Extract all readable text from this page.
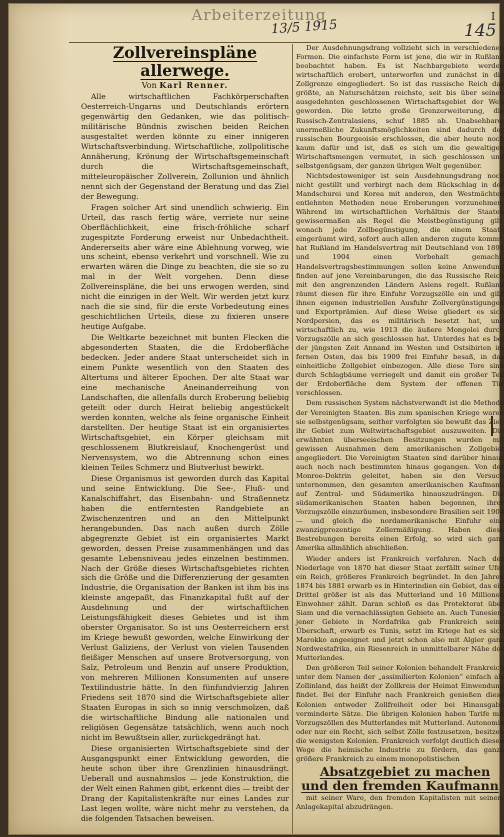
Arbeiterzeitung
13/5 1915	145
I

Zollvereinspläne allerwege.

Von Karl Renner.

Alle wirtschaftlichen Fachkörperschaften Oesterreich-Ungarns und Deutschlands erörtern gegenwärtig den Gedanken, wie das politisch-militärische Bündnis zwischen beiden Reichen ausgestaltet werden könnte zu einer innigeren Wirtschaftsverbindung. Wirtschaftliche, zollpolitische Annäherung, Krönung der Wirtschaftsgemeinschaft durch die Wirtschaftsgemeinschaft, mitteleuropäischer Zollverein, Zollunion und ähnlich nennt sich der Gegenstand der Beratung und das Ziel der Bewegung.

Fragen solcher Art sind unendlich schwierig. Ein Urteil, das rasch fertig wäre, verriete nur seine Oberflächlichkeit, eine frisch-fröhliche scharf zugespitzte Forderung erweist nur Unbedachtheit. Andererseits aber wäre eine Ablehnung vorweg, wie uns scheint, ebenso verkehrt und vorschnell. Wie zu erwarten wären die Dinge zu beachten, die sie so zu mal in der Welt vorgehen. Denn diese Zollvereinspläne, die bei uns erwogen werden, sind nicht die einzigen in der Welt. Wir werden jetzt kurz nach die sie sind, für die erste Vorbedeutung eines geschichtlichen Urteils, diese zu fixieren unsere heutige Aufgabe.

Die Weltkarte bezeichnet mit bunten Flecken die abgesonderten Staaten, die die Erdoberfläche bedecken. Jeder andere Staat unterscheidet sich in einem Punkte wesentlich von den Staaten des Altertums und älterer Epochen. Der alte Staat war eine mechanische Aneinanderreihung von Landschaften, die allenfalls durch Eroberung beliebig geteilt oder durch Heirat beliebig angestückelt werden konnten, welche als feine organische Einheit darstellten. Der heutige Staat ist ein organisiertes Wirtschaftsgebiet, ein Körper gleichsam mit geschlossenem Blutkreislauf, Knochengerüst und Nervensystem, wo die Abtrennung schon eines kleinen Teiles Schmerz und Blutverlust bewirkt.

Diese Organismus ist geworden durch das Kapital und seine Entwicklung. Die See-, Fluß- und Kanalschiffahrt, das Eisenbahn- und Straßennetz haben die entferntesten Randgebiete an Zwischenzentren und an den Mittelpunkt herangebunden. Das nach außen durch Zölle abgegrenzte Gebiet ist ein organisiertes Markt geworden, dessen Preise zusammenhängen und das gesamte Lebensniveau jedes einzelnen bestimmen. Nach der Größe dieses Wirtschaftsgebietes richten sich die Größe und die Differenzierung der gesamten Industrie, die Organisation der Banken ist ihm bis ins kleinste angepaßt, das Finanzkapital fußt auf der Ausdehnung und der wirtschaftlichen Leistungsfähigkeit dieses Gebietes und ist ihm oberster Organisator. So ist uns Oesterreichern erst im Kriege bewußt geworden, welche Einwirkung der Verlust Galiziens, der Verlust von vielen Tausenden fleißiger Menschen auf unsere Brotversorgung, von Salz, Petroleum und Benzin auf unsere Produktion, von mehreren Millionen Konsumenten auf unsere Textilindustrie hätte. In den fünfundvierzig Jahren Friedens seit 1870 sind die Wirtschaftsgebiete aller Staaten Europas in sich so innig verschmolzen, daß die wirtschaftliche Bindung alle nationalen und religiösen Gegensätze tatsächlich, wenn auch noch nicht im Bewußtsein aller, zurückgedrängt hat.

Diese organisierten Wirtschaftsgebiete sind der Ausgangspunkt einer Entwicklung geworden, die heute schon über ihre Grenzlinien hinausdrängt. Ueberall und ausnahmslos — jede Konstruktion, die der Welt einen Rahmen gibt, erkennt dies — treibt der Drang der Kapitalistenkräfte nur eines Landes zur Last legen wollte, wäre nicht mehr zu verstehen, da die folgenden Tatsachen beweisen.

Der Ausdehnungsdrang vollzieht sich in verschiedenen Formen. Die einfachste Form ist jene, die wir in Rußland beobachtet haben. Es ist Nachbargebiete werden wirtschaftlich erobert, unterworfen und zunächst in die Zollgrenze eingegliedert. So ist das russische Reich das größte, an Naturschätzen reichste, seit bis über seinen ausgedehnten geschlossenen Wirtschaftsgebiet der Welt geworden. Die letzte große Grenzerweiterung, die Russisch-Zentralasiens, schuf 1885 ab. Unabsehbare, unermeßliche Zukunftsmöglichkeiten sind dadurch der russischen Bourgeoisie erschlossen, die aber heute noch kaum dafür und ist, daß es sich um die gewaltigen Wirtschaftsmengen vermutet, in sich geschlossen und selbstgenügsam, der ganzen übrigen Welt gegenüber.

Nichtsdestoweniger ist sein Ausdehnungsdrang noch nicht gestillt und verbirgt nach dem Rückschlag in der Mandschurei und Korea mit anderen, den Westmächten entlehnten Methoden neue Eroberungen vorzunehmen. Während im wirtschaftlichen Verhältnis der Staaten gewissermaßen als Regel die Meistbegünstigung gilt, wonach jede Zollbegünstigung, die einem Staate eingeräumt wird, sofort auch allen anderen zugute kommt, hat Rußland im Handelsvertrag mit Deutschland von 1894 und 1904 einen Vorbehalt gemacht. Handelsvertragsbestimmungen sollen keine Anwendung finden auf jene Vereinbarungen, die das Russische Reich mit den angrenzenden Ländern Asiens regelt. Rußland räumt diesen für ihre Einfuhr Vorzugszölle ein und gibt ihnen eigenen industriellen Ausfuhr Zollvergünstigungen und Exportprämien. Auf diese Weise gliedert es sich Nordpersien, das es militärisch besetzt hat, und wirtschaftlich zu, wie 1913 die äußere Mongolei durch Vorzugszölle an sich geschlossen hat. Unterdes hat es bei der jüngsten Zeit Annand im Westen und Ostsibirien im fernen Osten, das bis 1909 frei Einfuhr besaß, in das einheitliche Zollgebiet einbezogen. Alle diese Tore sind durch Schlagbäume verriegelt und damit ein großer Teil der Erdoberfläche dem System der offenen Tür verschlossen.

Dem russischen System nächstverwandt ist die Methode der Vereinigten Staaten. Bis zum spanischen Kriege waren sie selbstgenügsam, seither verfolgten sie bewußt das Ziel, ihr Gebiet zum Weltwirtschaftsgebiet auszuweiten. Die erwähnten überseeischen Besitzungen wurden mit gewissen Ausnahmen dem amerikanischen Zollgebiet angegliedert. Die Vereinigten Staaten sind darüber hinaus auch noch nach bestimmten hinaus gegangen. Von der Monroe-Doktrin geleitet, haben sie den Versuch unternommen, den gesamten amerikanischen Kaufmann auf Zentral- und Südamerika hinauszudrängen. Die südamerikanischen Staaten haben begonnen, ihrer Vorzugszölle einzuräumen, insbesondere Brasilien seit 1904 — und gleich die nordamerikanische Einfuhr eine zwanzigprozentige Zollermäßigung. Haben diese Bestrebungen bereits einen Erfolg, so wird sich ganz Amerika allmählich abschließen.

Wieder anders ist Frankreich verfahren. Nach der Niederlage von 1870 hat dieser Staat zerfällt seiner Ufer ein Reich, größeres Frankreich begründet. In den Jahren 1874 bis 1881 erwarb es in Hinterindien ein Gebiet, das ein Drittel größer ist als das Mutterland und 16 Millionen Einwohner zählt. Daran schloß es das Protektorat über Siam und die vernachlässigten Gebiete an. Auch Tunesien, jener Gebiete in Nordafrika gab Frankreich seine Überschaft, erwarb es Tunis, setzt im Kriege hat es sich Marokko angeeignet und jetzt schon also mit Algier ganz Nordwestafrika, ein Riesenreich in unmittelbarer Nähe des Mutterlandes.

Den größeren Teil seiner Kolonien behandelt Frankreich unter dem Namen der „assimilierten Kolonien“ einfach als Zollinland, das heißt der Zollkreis der Heimat Einwendung findet. Bei der Einfuhr nach Frankreich genießen diese Kolonien entweder Zollfreiheit oder bei Hinausgabe verminderte Sätze. Die übrigen Kolonien haben Tarife mit Vorzugszöllen des Mutterlandes mit Mutterland. Autonomie oder nur ein Recht, sich selbst Zölle festzusetzen, besitzen die wenigsten Kolonien. Frankreich verfolgt deutlich diesen Wege die heimische Industrie zu fördern, das ganze größere Frankreich zu einem monopolistischen

Absatzgebiet zu machen und den fremden Kaufmann

mit seiner Ware, den fremden Kapitalisten mit seinem Anlagekapital abzudrängen.
